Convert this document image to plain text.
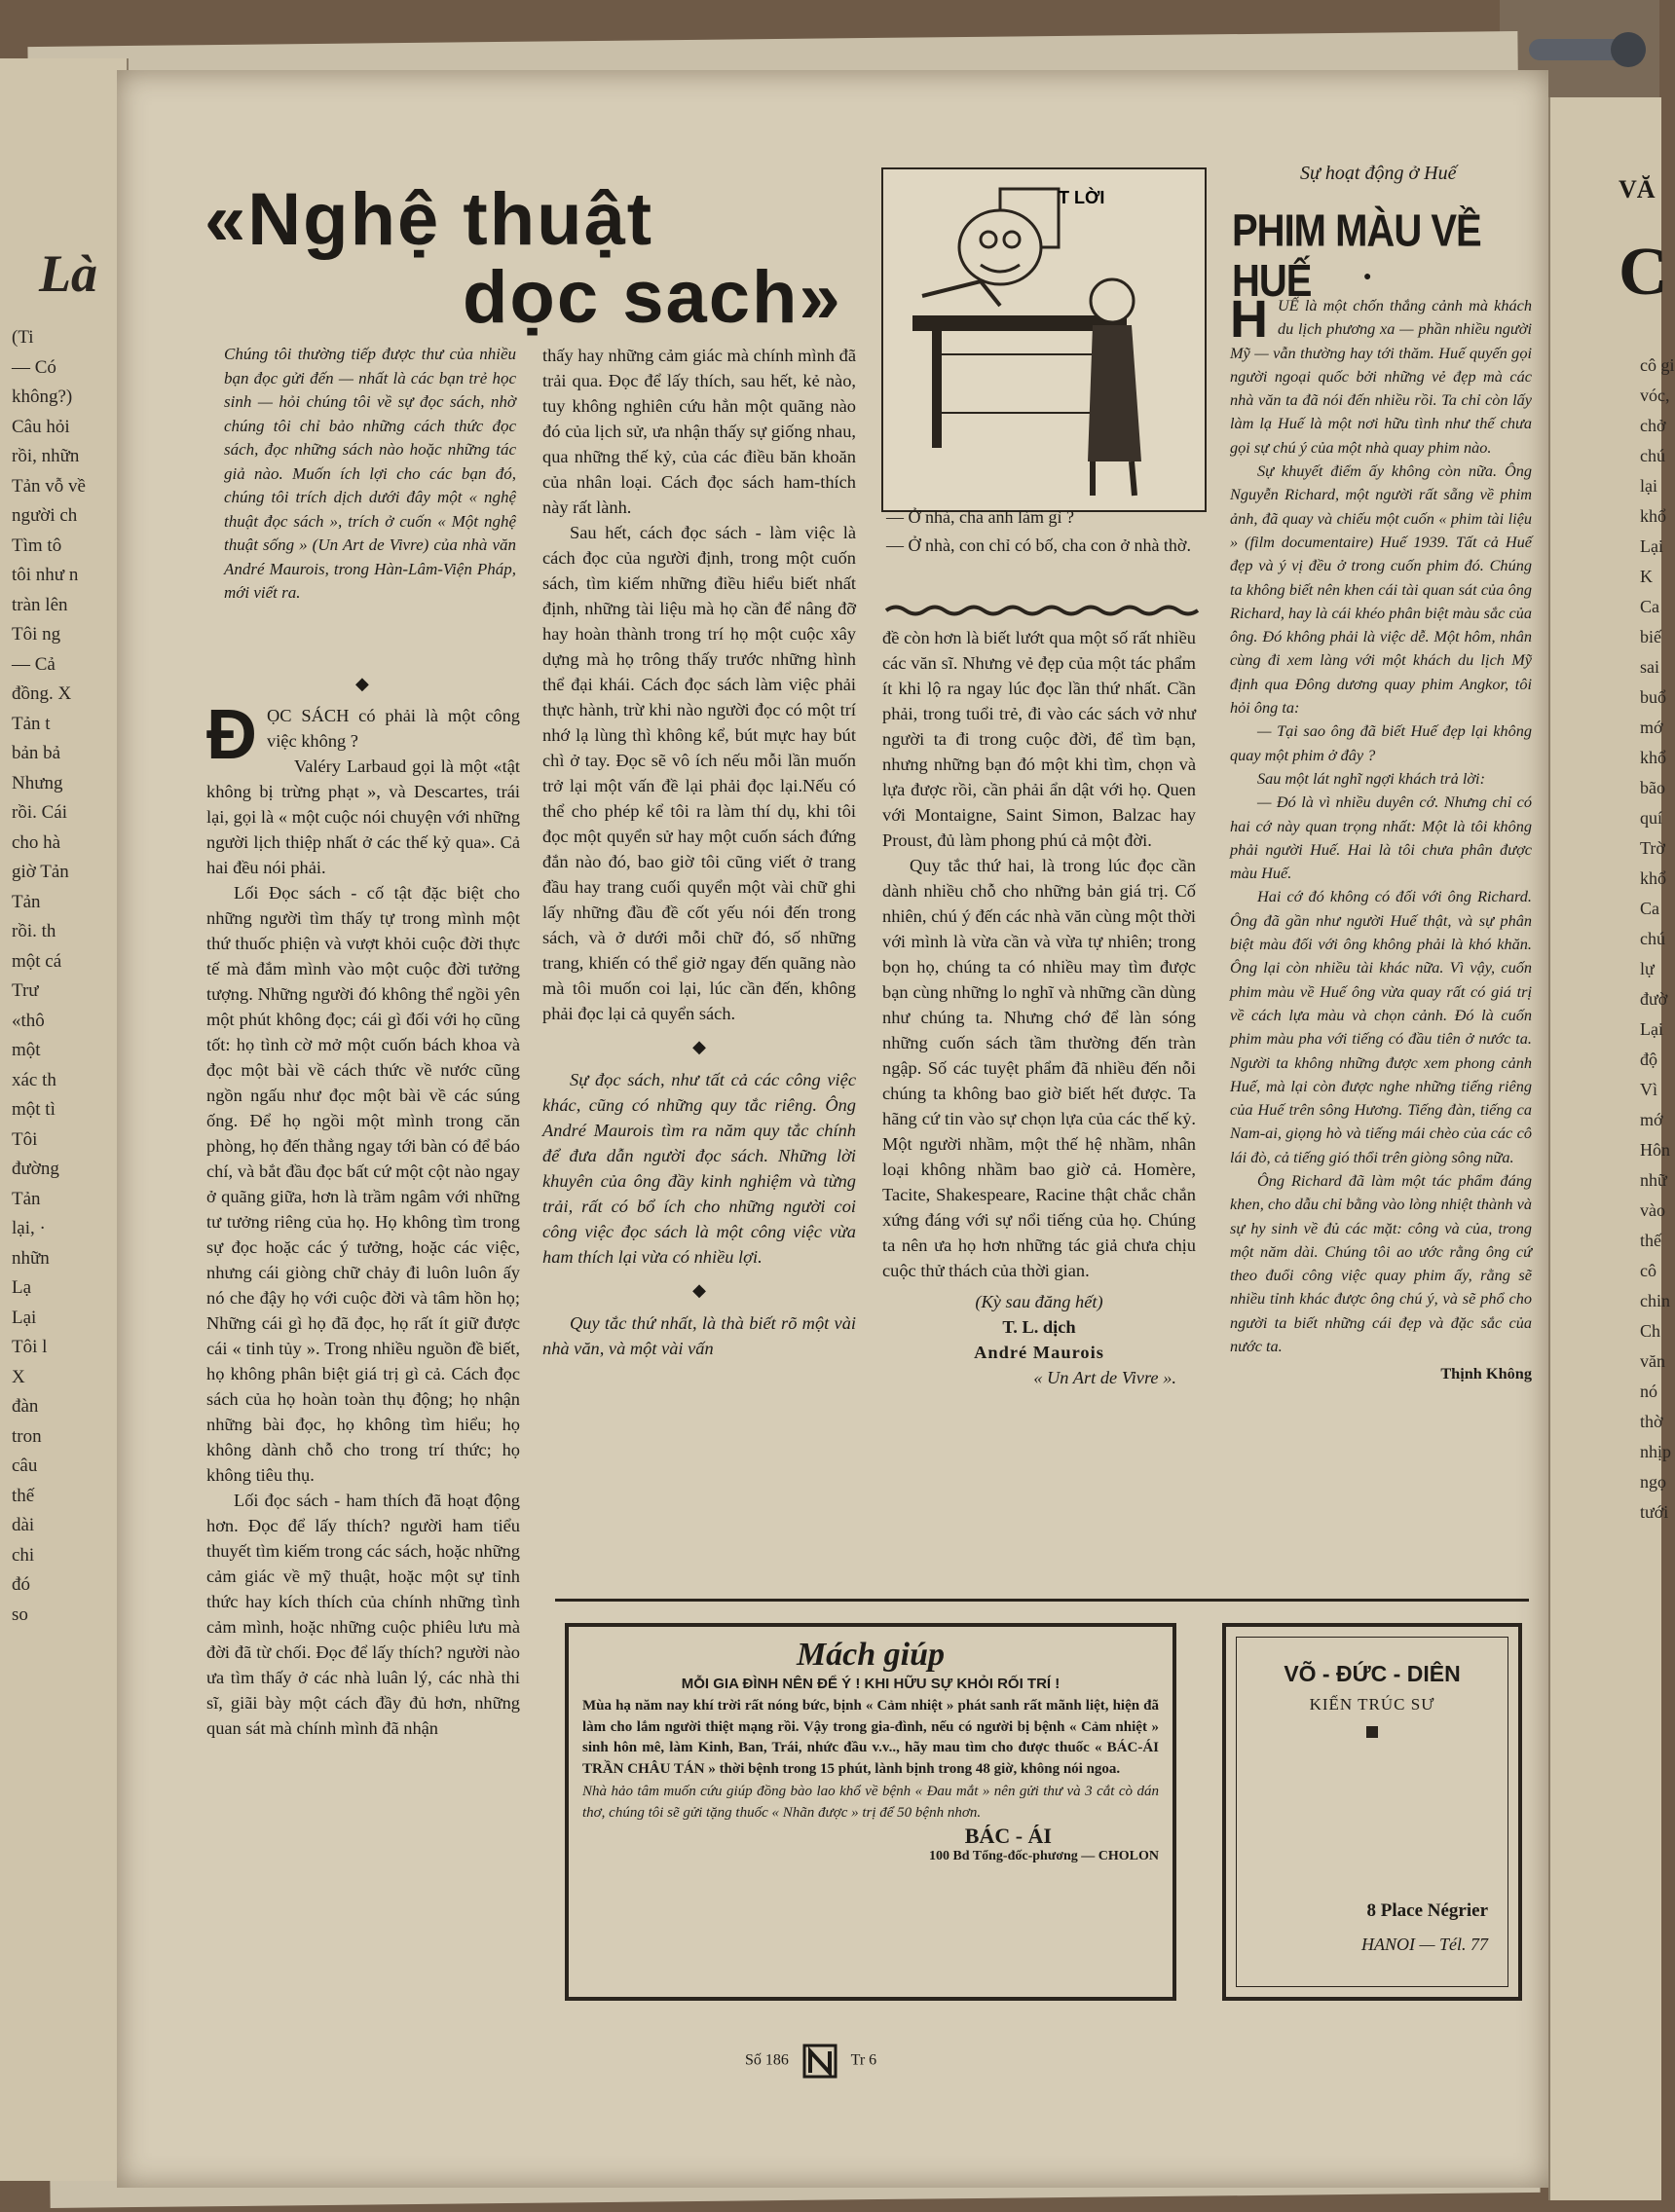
Là
(Ti
— Có
không?)
Câu hỏi
rồi, nhữn
Tản vỗ về
người ch
Tìm tô
tôi như n
tràn lên
Tôi ng
— Cả
đồng. X
Tản t
bản bả
Nhưng
rồi. Cái
cho hà
giờ Tản
Tản
rồi. th
một cá
Trư
«thô
một
xác th
một tì
Tôi
đường
Tản
lại, ·
nhữn
Lạ
Lại
Tôi l
X
đàn
tron
câu
thế
dài
chi
đó
so
VĂ
C
cô gi
vóc,
chở
chú
lại
khổ
Lại
K
Ca
biế
sai
buổ
mớ
khổ
bão
quí
Trờ
khổ
Ca
chú
lự
đườ
Lại
độ
Vì
mớ
Hôn
nhữ
vào
thế
cô
chin
Ch
văn
nó
thờ
nhịp
ngọ
tưới
«Nghệ thuật
dọc sach»
Chúng tôi thường tiếp được thư của nhiều bạn đọc gửi đến — nhất là các bạn trẻ học sinh — hỏi chúng tôi về sự đọc sách, nhờ chúng tôi chỉ bảo những cách thức đọc sách, đọc những sách nào hoặc những tác giả nào. Muốn ích lợi cho các bạn đó, chúng tôi trích dịch dưới đây một « nghệ thuật đọc sách », trích ở cuốn « Một nghệ thuật sống » (Un Art de Vivre) của nhà văn André Maurois, trong Hàn-Lâm-Viện Pháp, mới viết ra.
◆

ĐỌC SÁCH có phải là một công việc không ?

Valéry Larbaud gọi là một «tật không bị trừng phạt », và Descartes, trái lại, gọi là « một cuộc nói chuyện với những người lịch thiệp nhất ở các thế kỷ qua». Cả hai đều nói phải.

Lối Đọc sách - cố tật đặc biệt cho những người tìm thấy tự trong mình một thứ thuốc phiện và vượt khỏi cuộc đời thực tế mà đắm mình vào một cuộc đời tưởng tượng. Những người đó không thể ngồi yên một phút không đọc; cái gì đối với họ cũng tốt: họ tình cờ mở một cuốn bách khoa và đọc một bài về cách thức về nước cũng ngồn ngấu như đọc một bài về các súng ống. Để họ ngồi một mình trong căn phòng, họ đến thẳng ngay tới bàn có để báo chí, và bắt đầu đọc bất cứ một cột nào ngay ở quãng giữa, hơn là trầm ngâm với những tư tưởng riêng của họ. Họ không tìm trong sự đọc hoặc các ý tưởng, hoặc các việc, nhưng cái giòng chữ chảy đi luôn luôn ấy nó che đậy họ với cuộc đời và tâm hồn họ; Những cái gì họ đã đọc, họ rất ít giữ được cái « tinh tủy ». Trong nhiều nguồn đề biết, họ không phân biệt giá trị gì cả. Cách đọc sách của họ hoàn toàn thụ động; họ nhận những bài đọc, họ không tìm hiểu; họ không dành chỗ cho trong trí thức; họ không tiêu thụ.

Lối đọc sách - ham thích đã hoạt động hơn. Đọc để lấy thích? người ham tiểu thuyết tìm kiếm trong các sách, hoặc những cảm giác về mỹ thuật, hoặc một sự tỉnh thức hay kích thích của chính những tình cảm mình, hoặc những cuộc phiêu lưu mà đời đã từ chối. Đọc để lấy thích? người nào ưa tìm thấy ở các nhà luân lý, các nhà thi sĩ, giãi bày một cách đầy đủ hơn, những quan sát mà chính mình đã nhận

thấy hay những cảm giác mà chính mình đã trải qua. Đọc để lấy thích, sau hết, kẻ nào, tuy không nghiên cứu hẳn một quãng nào đó của lịch sử, ưa nhận thấy sự giống nhau, qua những thế kỷ, của các điều băn khoăn của nhân loại. Cách đọc sách ham-thích này rất lành.

Sau hết, cách đọc sách - làm việc là cách đọc của người định, trong một cuốn sách, tìm kiếm những điều hiểu biết nhất định, những tài liệu mà họ cần để nâng đỡ hay hoàn thành trong trí họ một cuộc xây dựng mà họ trông thấy trước những hình thể đại khái. Cách đọc sách làm việc phải thực hành, trừ khi nào người đọc có một trí nhớ lạ lùng thì không kể, bút mực hay bút chì ở tay. Đọc sẽ vô ích nếu mỗi lần muốn trở lại một vấn đề lại phải đọc lại.Nếu có thể cho phép kể tôi ra làm thí dụ, khi tôi đọc một quyển sử hay một cuốn sách đứng đắn nào đó, bao giờ tôi cũng viết ở trang đầu hay trang cuối quyển một vài chữ ghi lấy những đầu đề cốt yếu nói đến trong sách, và ở dưới mỗi chữ đó, số những trang, khiến có thể giở ngay đến quãng nào mà tôi muốn coi lại, lúc cần đến, không phải đọc lại cả quyển sách.

◆

Sự đọc sách, như tất cả các công việc khác, cũng có những quy tắc riêng. Ông André Maurois tìm ra năm quy tắc chính để đưa dẫn người đọc sách. Những lời khuyên của ông đầy kinh nghiệm và từng trải, rất có bổ ích cho những người coi công việc đọc sách là một công việc vừa ham thích lại vừa có nhiều lợi.

◆

Quy tắc thứ nhất, là thà biết rõ một vài nhà văn, và một vài vấn

T LỜI
— Ở nhà, cha anh làm gì ?
— Ở nhà, con chỉ có bố, cha con ở nhà thờ.

đề còn hơn là biết lướt qua một số rất nhiều các văn sĩ. Nhưng vẻ đẹp của một tác phẩm ít khi lộ ra ngay lúc đọc lần thứ nhất. Cần phải, trong tuổi trẻ, đi vào các sách vở như người ta đi trong cuộc đời, để tìm bạn, nhưng những bạn đó một khi tìm, chọn và lựa được rồi, cần phải ẩn dật với họ. Quen với Montaigne, Saint Simon, Balzac hay Proust, đủ làm phong phú cả một đời.

Quy tắc thứ hai, là trong lúc đọc cần dành nhiều chỗ cho những bản giá trị. Cố nhiên, chú ý đến các nhà văn cùng một thời với mình là vừa cần và vừa tự nhiên; trong bọn họ, chúng ta có nhiều may tìm được bạn cùng những lo nghĩ và những cần dùng như chúng ta. Nhưng chớ để làn sóng những cuốn sách tầm thường đến tràn ngập. Số các tuyệt phẩm đã nhiều đến nỗi chúng ta không bao giờ biết hết được. Ta hãng cứ tin vào sự chọn lựa của các thế kỷ. Một người nhầm, một thế hệ nhầm, nhân loại không nhầm bao giờ cả. Homère, Tacite, Shakespeare, Racine thật chắc chắn xứng đáng với sự nổi tiếng của họ. Chúng ta nên ưa họ hơn những tác giả chưa chịu cuộc thử thách của thời gian.

(Kỳ sau đăng hết)
T. L. dịch
André Maurois
« Un Art de Vivre ».
Sự hoạt động ở Huế
PHIM MÀU VỀ HUẾ	●

HUẾ là một chốn thắng cảnh mà khách du lịch phương xa — phần nhiều người Mỹ — vẫn thường hay tới thăm. Huế quyến gọi người ngoại quốc bởi những vẻ đẹp mà các nhà văn ta đã nói đến nhiều rồi. Ta chỉ còn lấy làm lạ Huế là một nơi hữu tình như thế chưa gọi sự chú ý của một nhà quay phim nào.

Sự khuyết điểm ấy không còn nữa. Ông Nguyễn Richard, một người rất sẵng về phim ảnh, đã quay và chiếu một cuốn « phim tài liệu » (film documentaire) Huế 1939. Tất cả Huế đẹp và ý vị đều ở trong cuốn phim đó. Chúng ta không biết nên khen cái tài quan sát của ông Richard, hay là cái khéo phân biệt màu sắc của ông. Đó không phải là việc dễ. Một hôm, nhân cùng đi xem làng với một khách du lịch Mỹ định qua Đông dương quay phim Angkor, tôi hỏi ông ta:

— Tại sao ông đã biết Huế đẹp lại không quay một phim ở đây ?

Sau một lát nghĩ ngợi khách trả lời:

— Đó là vì nhiều duyên cớ. Nhưng chỉ có hai cớ này quan trọng nhất: Một là tôi không phải người Huế. Hai là tôi chưa phân được màu Huế.

Hai cớ đó không có đối với ông Richard. Ông đã gần như người Huế thật, và sự phân biệt màu đối với ông không phải là khó khăn. Ông lại còn nhiều tài khác nữa. Vì vậy, cuốn phim màu về Huế ông vừa quay rất có giá trị về cách lựa màu và chọn cảnh. Đó là cuốn phim màu pha với tiếng có đầu tiên ở nước ta. Người ta không những được xem phong cảnh Huế, mà lại còn được nghe những tiếng riêng của Huế trên sông Hương. Tiếng đàn, tiếng ca Nam-ai, giọng hò và tiếng mái chèo của các cô lái đò, cả tiếng gió thổi trên giòng sông nữa.

Ông Richard đã làm một tác phẩm đáng khen, cho dẫu chỉ bằng vào lòng nhiệt thành và sự hy sinh về đủ các mặt: công và của, trong một năm dài. Chúng tôi ao ước rằng ông cứ theo đuổi công việc quay phim ấy, rằng sẽ nhiều tỉnh khác được ông chú ý, và sẽ phổ cho người ta biết những cái đẹp và đặc sắc của nước ta.

Thịnh Không
Mách giúp
MỖI GIA ĐÌNH NÊN ĐỂ Ý ! KHI HỮU SỰ KHỎI RỐI TRÍ !
Mùa hạ năm nay khí trời rất nóng bức, bịnh « Cảm nhiệt » phát sanh rất mãnh liệt, hiện đã làm cho lắm người thiệt mạng rồi. Vậy trong gia-đình, nếu có người bị bệnh « Cảm nhiệt » sinh hôn mê, làm Kinh, Ban, Trái, nhức đầu v.v.., hãy mau tìm cho được thuốc « BÁC-ÁI TRẦN CHÂU TÁN » thời bệnh trong 15 phút, lành bịnh trong 48 giờ, không nói ngoa.
Nhà hảo tâm muốn cứu giúp đồng bào lao khổ về bệnh « Đau mắt » nên gửi thư và 3 cắt cò dán thơ, chúng tôi sẽ gửi tặng thuốc « Nhãn được » trị để 50 bệnh nhơn.
BÁC - ÁI
100 Bd Tổng-đốc-phương — CHOLON
VÕ - ĐỨC - DIÊN
KIẾN TRÚC SƯ
8 Place Négrier
HANOI — Tél. 77
Số 186	Tr 6
